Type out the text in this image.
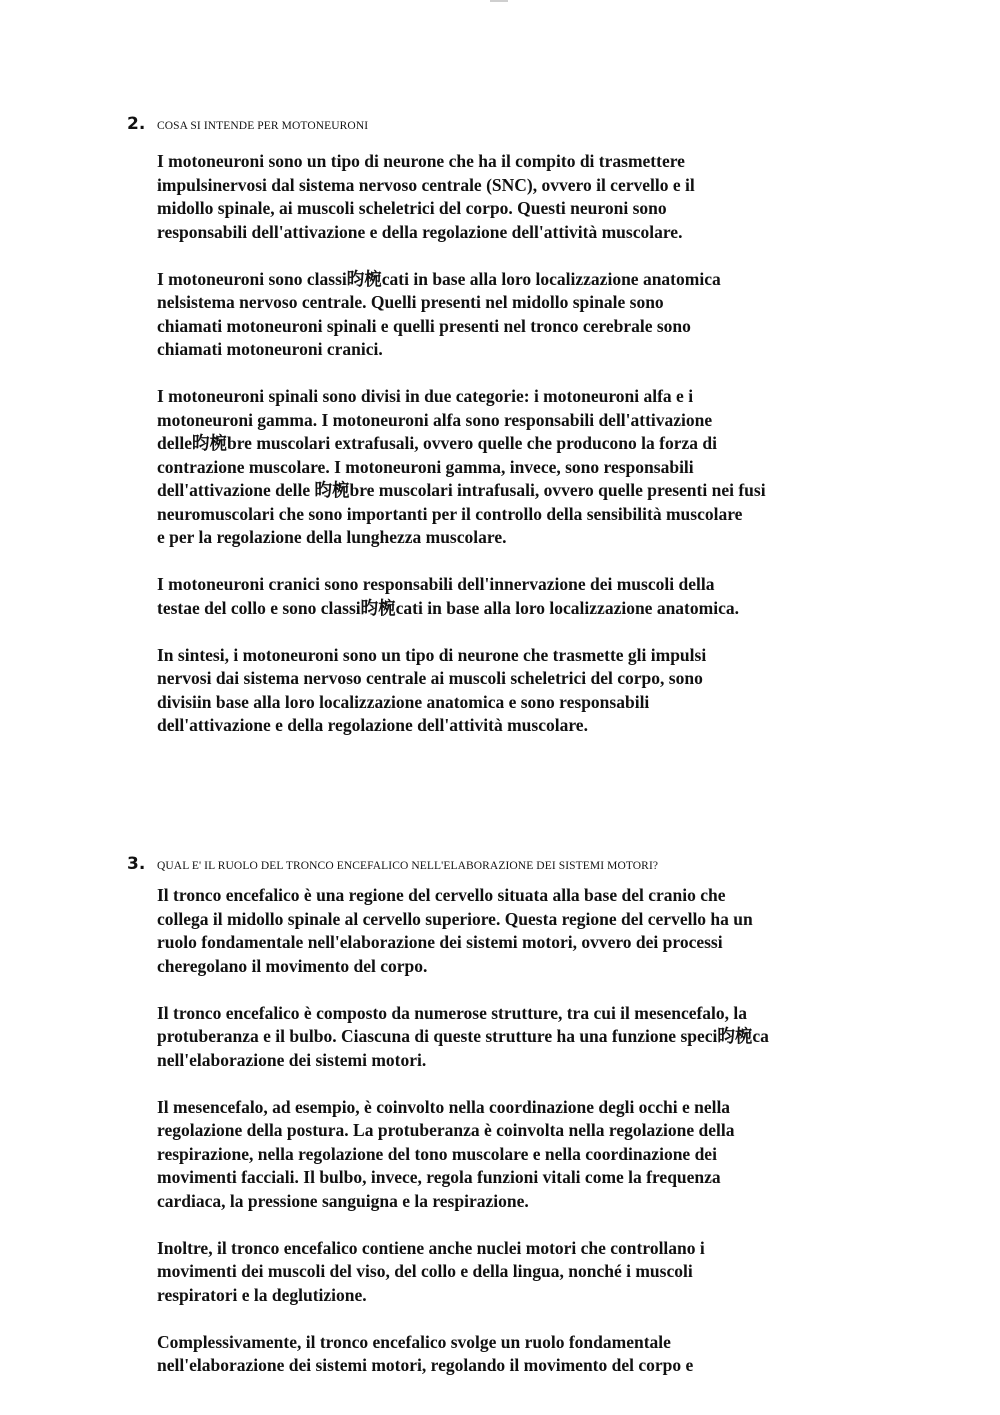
2.	COSA SI INTENDE PER MOTONEURONI

I motoneuroni sono un tipo di neurone che ha il compito di trasmettere
impulsinervosi dal sistema nervoso centrale (SNC), ovvero il cervello e il
midollo spinale, ai muscoli scheletrici del corpo. Questi neuroni sono
responsabili dell'attivazione e della regolazione dell'attività muscolare.

I motoneuroni sono classi昀椀cati in base alla loro localizzazione anatomica
nelsistema nervoso centrale. Quelli presenti nel midollo spinale sono
chiamati motoneuroni spinali e quelli presenti nel tronco cerebrale sono
chiamati motoneuroni cranici.

I motoneuroni spinali sono divisi in due categorie: i motoneuroni alfa e i
motoneuroni gamma. I motoneuroni alfa sono responsabili dell'attivazione
delle昀椀bre muscolari extrafusali, ovvero quelle che producono la forza di
contrazione muscolare. I motoneuroni gamma, invece, sono responsabili
dell'attivazione delle 昀椀bre muscolari intrafusali, ovvero quelle presenti nei fusi
neuromuscolari che sono importanti per il controllo della sensibilità muscolare
e per la regolazione della lunghezza muscolare.

I motoneuroni cranici sono responsabili dell'innervazione dei muscoli della
testae del collo e sono classi昀椀cati in base alla loro localizzazione anatomica.

In sintesi, i motoneuroni sono un tipo di neurone che trasmette gli impulsi
nervosi dai sistema nervoso centrale ai muscoli scheletrici del corpo, sono
divisiin base alla loro localizzazione anatomica e sono responsabili
dell'attivazione e della regolazione dell'attività muscolare.

3.	QUAL E' IL RUOLO DEL TRONCO ENCEFALICO NELL'ELABORAZIONE DEI SISTEMI MOTORI?

Il tronco encefalico è una regione del cervello situata alla base del cranio che
collega il midollo spinale al cervello superiore. Questa regione del cervello ha un
ruolo fondamentale nell'elaborazione dei sistemi motori, ovvero dei processi
cheregolano il movimento del corpo.

Il tronco encefalico è composto da numerose strutture, tra cui il mesencefalo, la
protuberanza e il bulbo. Ciascuna di queste strutture ha una funzione speci昀椀ca
nell'elaborazione dei sistemi motori.

Il mesencefalo, ad esempio, è coinvolto nella coordinazione degli occhi e nella
regolazione della postura. La protuberanza è coinvolta nella regolazione della
respirazione, nella regolazione del tono muscolare e nella coordinazione dei
movimenti facciali. Il bulbo, invece, regola funzioni vitali come la frequenza
cardiaca, la pressione sanguigna e la respirazione.

Inoltre, il tronco encefalico contiene anche nuclei motori che controllano i
movimenti dei muscoli del viso, del collo e della lingua, nonché i muscoli
respiratori e la deglutizione.

Complessivamente, il tronco encefalico svolge un ruolo fondamentale
nell'elaborazione dei sistemi motori, regolando il movimento del corpo e
